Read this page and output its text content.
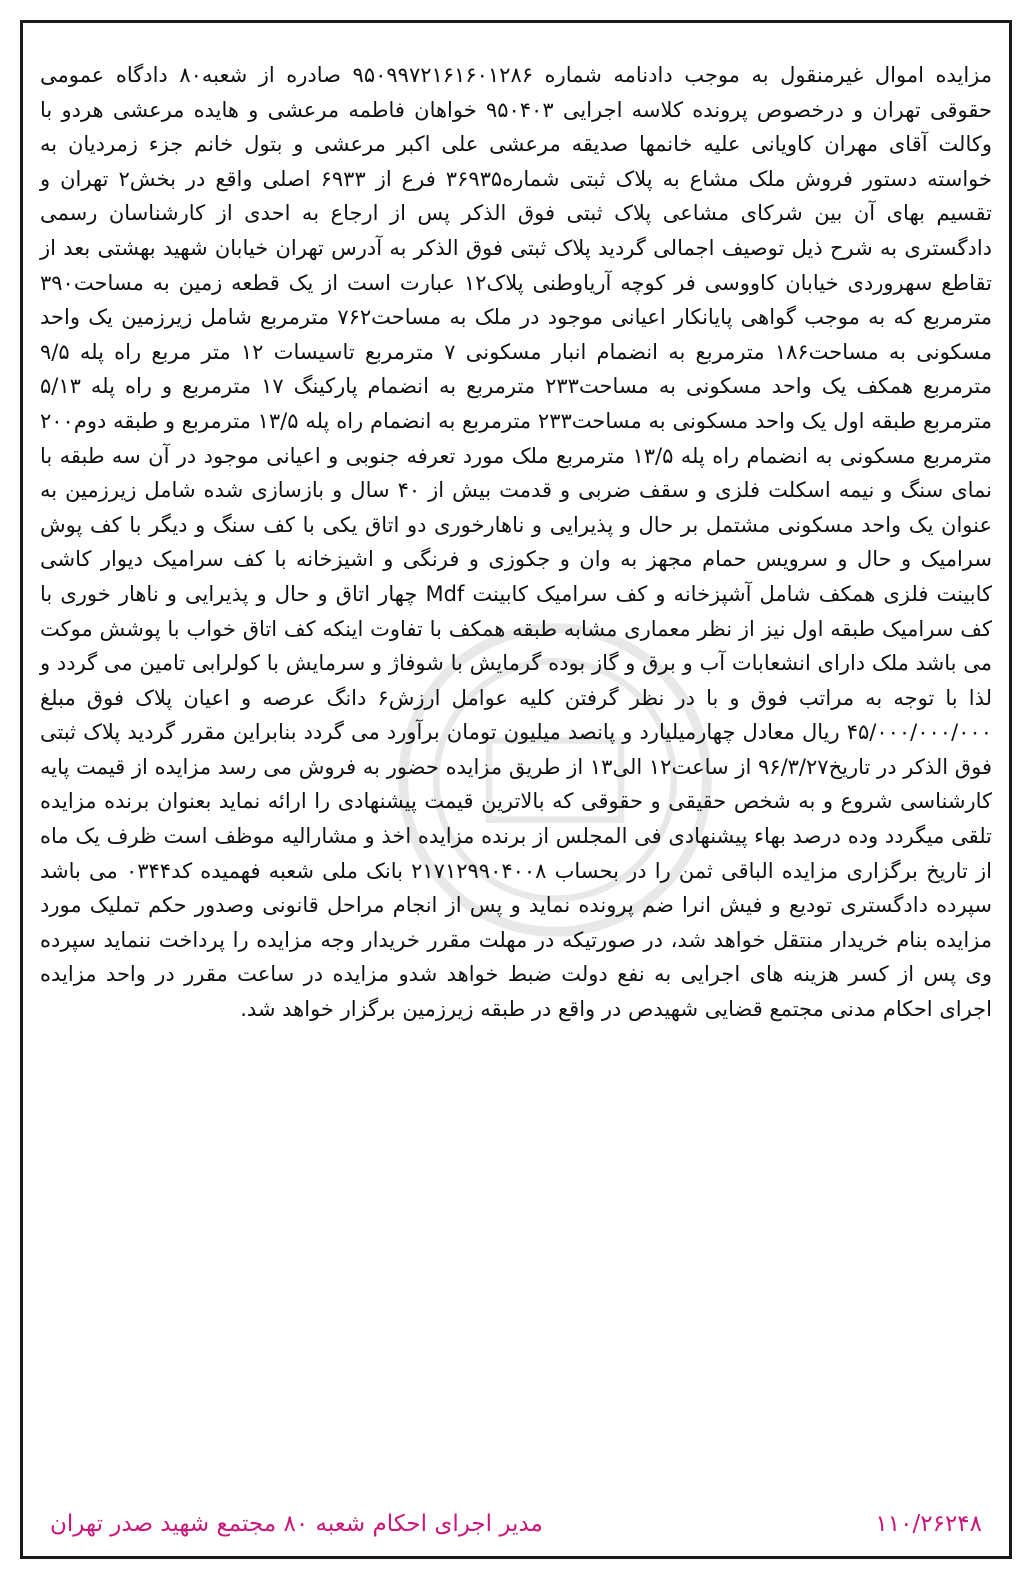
مزایده اموال غیرمنقول به موجب دادنامه شماره ۹۵۰۹۹۷۲۱۶۱۶۰۱۲۸۶ صادره از شعبه۸۰ دادگاه عمومی حقوقی تهران و درخصوص پرونده کلاسه اجرایی ۹۵۰۴۰۳ خواهان فاطمه مرعشی و هایده مرعشی هردو با وکالت آقای مهران کاویانی علیه خانمها صدیقه مرعشی علی اکبر مرعشی و بتول خانم جزء زمردیان به خواسته دستور فروش ملک مشاع به پلاک ثبتی شماره۳۶۹۳۵ فرع از ۶۹۳۳ اصلی واقع در بخش۲ تهران و تقسیم بهای آن بین شرکای مشاعی پلاک ثبتی فوق الذکر پس از ارجاع به احدی از کارشناسان رسمی دادگستری به شرح ذیل توصیف اجمالی گردید پلاک ثبتی فوق الذکر به آدرس تهران خیابان شهید بهشتی بعد از تقاطع سهروردی خیابان کاووسی فر کوچه آریاوطنی پلاک۱۲ عبارت است از یک قطعه زمین به مساحت۳۹۰ مترمربع که به موجب گواهی پایانکار اعیانی موجود در ملک به مساحت۷۶۲ مترمربع شامل زیرزمین یک واحد مسکونی به مساحت۱۸۶ مترمربع به انضمام انبار مسکونی ۷ مترمربع تاسیسات ۱۲ متر مربع راه پله ۹/۵ مترمربع همکف یک واحد مسکونی به مساحت۲۳۳ مترمربع به انضمام پارکینگ ۱۷ مترمربع و راه پله ۵/۱۳ مترمربع طبقه اول یک واحد مسکونی به مساحت۲۳۳ مترمربع به انضمام راه پله ۱۳/۵ مترمربع و طبقه دوم۲۰۰ مترمربع مسکونی به انضمام راه پله ۱۳/۵ مترمربع ملک مورد تعرفه جنوبی و اعیانی موجود در آن سه طبقه با نمای سنگ و نیمه اسکلت فلزی و سقف ضربی و قدمت بیش از ۴۰ سال و بازسازی شده شامل زیرزمین به عنوان یک واحد مسکونی مشتمل بر حال و پذیرایی و ناهارخوری دو اتاق یکی با کف سنگ و دیگر با کف پوش سرامیک و حال و سرویس حمام مجهز به وان و جکوزی و فرنگی و اشیزخانه با کف سرامیک دیوار کاشی کابینت فلزی همکف شامل آشپزخانه و کف سرامیک کابینت Mdf چهار اتاق و حال و پذیرایی و ناهار خوری با کف سرامیک طبقه اول نیز از نظر معماری مشابه طبقه همکف با تفاوت اینکه کف اتاق خواب با پوشش موکت می باشد ملک دارای انشعابات آب و برق و گاز بوده گرمایش با شوفاژ و سرمایش با کولرابی تامین می گردد و لذا با توجه به مراتب فوق و با در نظر گرفتن کلیه عوامل ارزش۶ دانگ عرصه و اعیان پلاک فوق مبلغ ۴۵/۰۰۰/۰۰۰/۰۰۰ ریال معادل چهارمیلیارد و پانصد میلیون تومان برآورد می گردد بنابراین مقرر گردید پلاک ثبتی فوق الذکر در تاریخ۹۶/۳/۲۷ از ساعت۱۲ الی۱۳ از طریق مزایده حضور به فروش می رسد مزایده از قیمت پایه کارشناسی شروع و به شخص حقیقی و حقوقی که بالاترین قیمت پیشنهادی را ارائه نماید بعنوان برنده مزایده تلقی میگردد وده درصد بهاء پیشنهادی فی المجلس از برنده مزایده اخذ و مشارالیه موظف است ظرف یک ماه از تاریخ برگزاری مزایده الباقی ثمن را در بحساب ۲۱۷۱۲۹۹۰۴۰۰۸ بانک ملی شعبه فهمیده کد۰۳۴۴ می باشد سپرده دادگستری توديع و فیش انرا ضم پرونده نماید و پس از انجام مراحل قانونی وصدور حکم تملیک مورد مزایده بنام خریدار منتقل خواهد شد، در صورتیکه در مهلت مقرر خریدار وجه مزایده را پرداخت ننماید سپرده وی پس از کسر هزینه های اجرایی به نفع دولت ضبط خواهد شدو مزایده در ساعت مقرر در واحد مزایده اجرای احکام مدنی مجتمع قضایی شهیدص در واقع در طبقه زیرزمین برگزار خواهد شد.
۱۱۰/۲۶۲۴۸
مدیر اجرای احکام شعبه ۸۰ مجتمع شهید صدر تهران
